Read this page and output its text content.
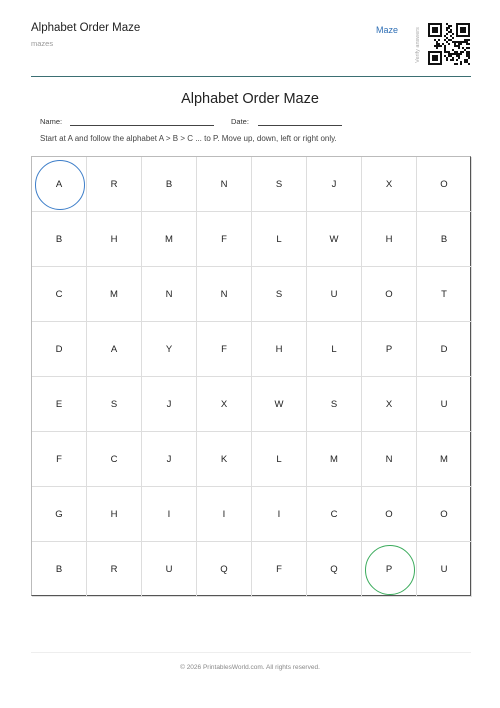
Alphabet Order Maze
mazes
Maze	Verify answers
Alphabet Order Maze
Name:	Date:
Start at A and follow the alphabet A > B > C ... to P. Move up, down, left or right only.
A	R	B	N	S	J	X	O
B	H	M	F	L	W	H	B
C	M	N	N	S	U	O	T
D	A	Y	F	H	L	P	D
E	S	J	X	W	S	X	U
F	C	J	K	L	M	N	M
G	H	I	I	I	C	O	O
B	R	U	Q	F	Q	P	U
© 2026 PrintablesWorld.com. All rights reserved.
